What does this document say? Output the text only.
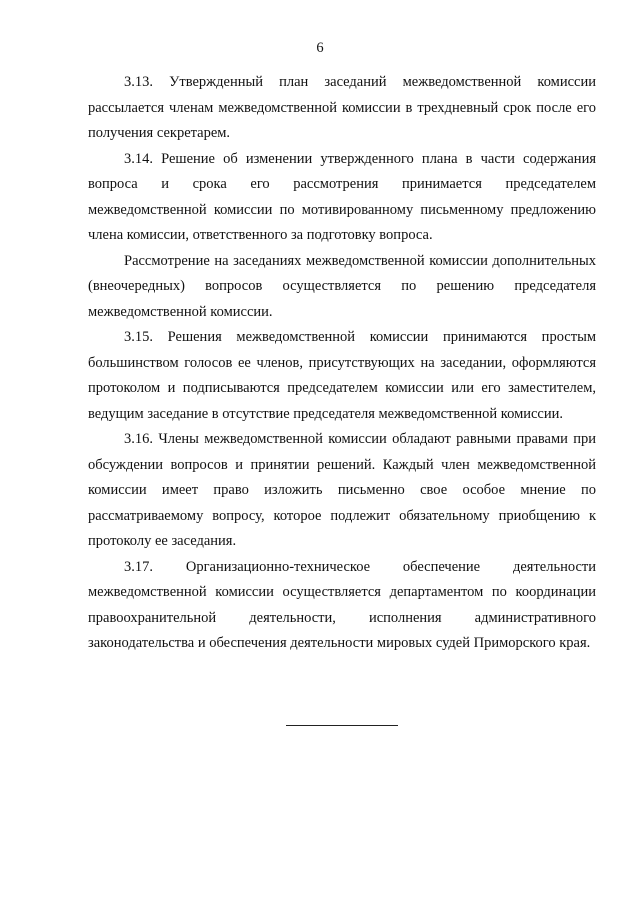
6

3.13. Утвержденный план заседаний межведомственной комиссии рассылается членам межведомственной комиссии в трехдневный срок после его получения секретарем.

3.14. Решение об изменении утвержденного плана в части содержания вопроса и срока его рассмотрения принимается председателем межведомственной комиссии по мотивированному письменному предложению члена комиссии, ответственного за подготовку вопроса.

Рассмотрение на заседаниях межведомственной комиссии дополнительных (внеочередных) вопросов осуществляется по решению председателя межведомственной комиссии.

3.15. Решения межведомственной комиссии принимаются простым большинством голосов ее членов, присутствующих на заседании, оформляются протоколом и подписываются председателем комиссии или его заместителем, ведущим заседание в отсутствие председателя межведомственной комиссии.

3.16. Члены межведомственной комиссии обладают равными правами при обсуждении вопросов и принятии решений. Каждый член межведомственной комиссии имеет право изложить письменно свое особое мнение по рассматриваемому вопросу, которое подлежит обязательному приобщению к протоколу ее заседания.

3.17. Организационно-техническое обеспечение деятельности межведомственной комиссии осуществляется департаментом по координации правоохранительной деятельности, исполнения административного законодательства и обеспечения деятельности мировых судей Приморского края.
